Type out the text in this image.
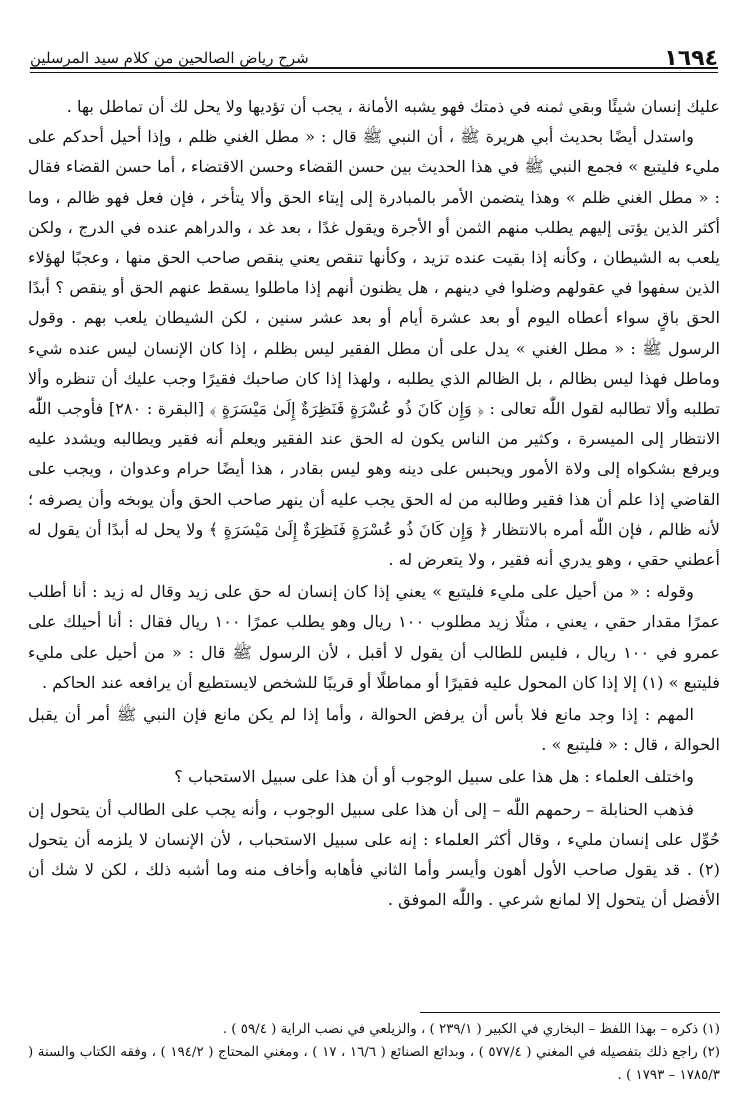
١٦٩٤
شرح رياض الصالحين من كلام سيد المرسلين

عليك إنسان شيئًا وبقي ثمنه في ذمتك فهو يشبه الأمانة ، يجب أن تؤديها ولا يحل لك أن تماطل بها .

واستدل أيضًا بحديث أبي هريرة ﷺ ، أن النبي ﷺ قال : « مطل الغني ظلم ، وإذا أحيل أحدكم على مليء فليتبع » فجمع النبي ﷺ في هذا الحديث بين حسن القضاء وحسن الاقتضاء ، أما حسن القضاء فقال : « مطل الغني ظلم » وهذا يتضمن الأمر بالمبادرة إلى إيتاء الحق وألا يتأخر ، فإن فعل فهو ظالم ، وما أكثر الذين يؤتى إليهم يطلب منهم الثمن أو الأجرة ويقول غدًا ، بعد غد ، والدراهم عنده في الدرج ، ولكن يلعب به الشيطان ، وكأنه إذا بقيت عنده تزيد ، وكأنها تنقص يعني ينقص صاحب الحق منها ، وعجبًا لهؤلاء الذين سفهوا في عقولهم وضلوا في دينهم ، هل يظنون أنهم إذا ماطلوا يسقط عنهم الحق أو ينقص ؟ أبدًا الحق باقٍ سواء أعطاه اليوم أو بعد عشرة أيام أو بعد عشر سنين ، لكن الشيطان يلعب بهم . وقول الرسول ﷺ : « مطل الغني » يدل على أن مطل الفقير ليس بظلم ، إذا كان الإنسان ليس عنده شيء وماطل فهذا ليس بظالم ، بل الظالم الذي يطلبه ، ولهذا إذا كان صاحبك فقيرًا وجب عليك أن تنظره وألا تطلبه وألا تطالبه لقول اللّٰه تعالى : ﴿ وَإِن كَانَ ذُو عُسْرَةٍ فَنَظِرَةٌ إِلَىٰ مَيْسَرَةٍ ﴾ [البقرة : ٢٨٠] فأوجب اللّٰه الانتظار إلى الميسرة ، وكثير من الناس يكون له الحق عند الفقير ويعلم أنه فقير ويطالبه ويشدد عليه ويرفع بشكواه إلى ولاة الأمور ويحبس على دينه وهو ليس بقادر ، هذا أيضًا حرام وعدوان ، ويجب على القاضي إذا علم أن هذا فقير وطالبه من له الحق يجب عليه أن ينهر صاحب الحق وأن يوبخه وأن يصرفه ؛ لأنه ظالم ، فإن اللّٰه أمره بالانتظار ﴿ وَإِن كَانَ ذُو عُسْرَةٍ فَنَظِرَةٌ إِلَىٰ مَيْسَرَةٍ ﴾ ولا يحل له أبدًا أن يقول له أعطني حقي ، وهو يدري أنه فقير ، ولا يتعرض له .

وقوله : « من أحيل على مليء فليتبع » يعني إذا كان إنسان له حق على زيد وقال له زيد : أنا أطلب عمرًا مقدار حقي ، يعني ، مثلًا زيد مطلوب ١٠٠ ريال وهو يطلب عمرًا ١٠٠ ريال فقال : أنا أحيلك على عمرو في ١٠٠ ريال ، فليس للطالب أن يقول لا أقبل ، لأن الرسول ﷺ قال : « من أحيل على مليء فليتبع » (١) إلا إذا كان المحول عليه فقيرًا أو مماطلًا أو قريبًا للشخص لايستطيع أن يرافعه عند الحاكم .

المهم : إذا وجد مانع فلا بأس أن يرفض الحوالة ، وأما إذا لم يكن مانع فإن النبي ﷺ أمر أن يقبل الحوالة ، قال : « فليتبع » .

واختلف العلماء : هل هذا على سبيل الوجوب أو أن هذا على سبيل الاستحباب ؟

فذهب الحنابلة – رحمهم اللّٰه – إلى أن هذا على سبيل الوجوب ، وأنه يجب على الطالب أن يتحول إن حُوِّل على إنسان مليء ، وقال أكثر العلماء : إنه على سبيل الاستحباب ، لأن الإنسان لا يلزمه أن يتحول (٢) . قد يقول صاحب الأول أهون وأيسر وأما الثاني فأهابه وأخاف منه وما أشبه ذلك ، لكن لا شك أن الأفضل أن يتحول إلا لمانع شرعي . واللّٰه الموفق .

(١) ذكره – بهذا اللفظ – البخاري في الكبير ( ٢٣٩/١ ) ، والزيلعي في نصب الراية ( ٥٩/٤ ) .
(٢) راجع ذلك بتفصيله في المغني ( ٥٧٧/٤ ) ، وبدائع الصنائع ( ١٦/٦ ، ١٧ ) ، ومغني المحتاج ( ١٩٤/٢ ) ، وفقه الكتاب والسنة ( ١٧٨٥/٣ – ١٧٩٣ ) .
